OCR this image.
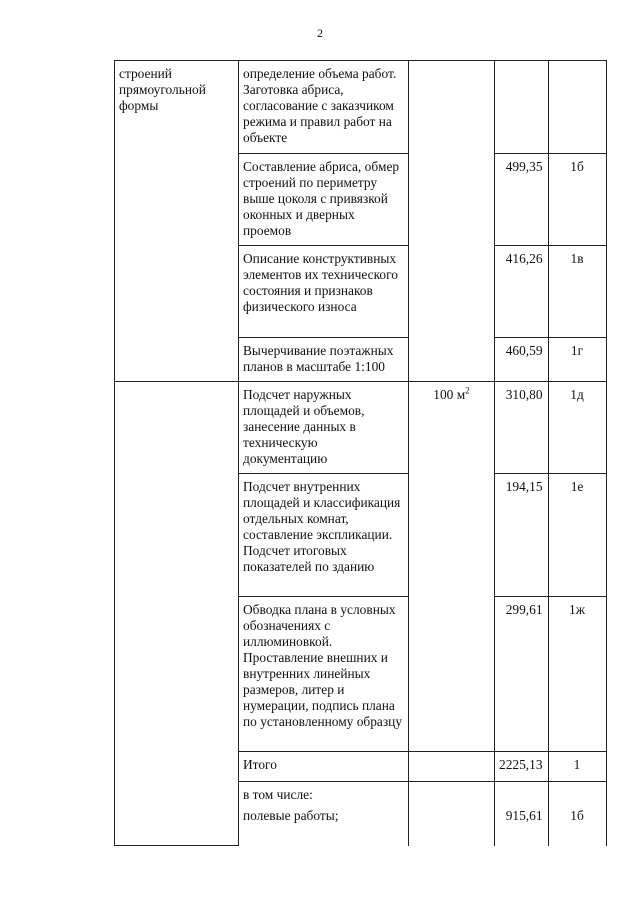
2
строений прямоугольной формы	определение объема работ. Заготовка абриса, согласование с заказчиком режима и правил работ на объекте			
	Составление абриса, обмер строений по периметру выше цоколя с привязкой оконных и дверных проемов		499,35	1б
	Описание конструктивных элементов их технического состояния и признаков физического износа		416,26	1в
	Вычерчивание поэтажных планов в масштабе 1:100		460,59	1г
	Подсчет наружных площадей и объемов, занесение данных в техническую документацию	100 $м^2$	310,80	1д
	Подсчет внутренних площадей и классификация отдельных комнат, составление экспликации. Подсчет итоговых показателей по зданию		194,15	1е
	Обводка плана в условных обозначениях с иллюминовкой. Проставление внешних и внутренних линейных размеров, литер и нумерации, подпись плана по установленному образцу		299,61	1ж
	Итого		2225,13	1
	в том числе:			
	полевые работы;		915,61	1б
